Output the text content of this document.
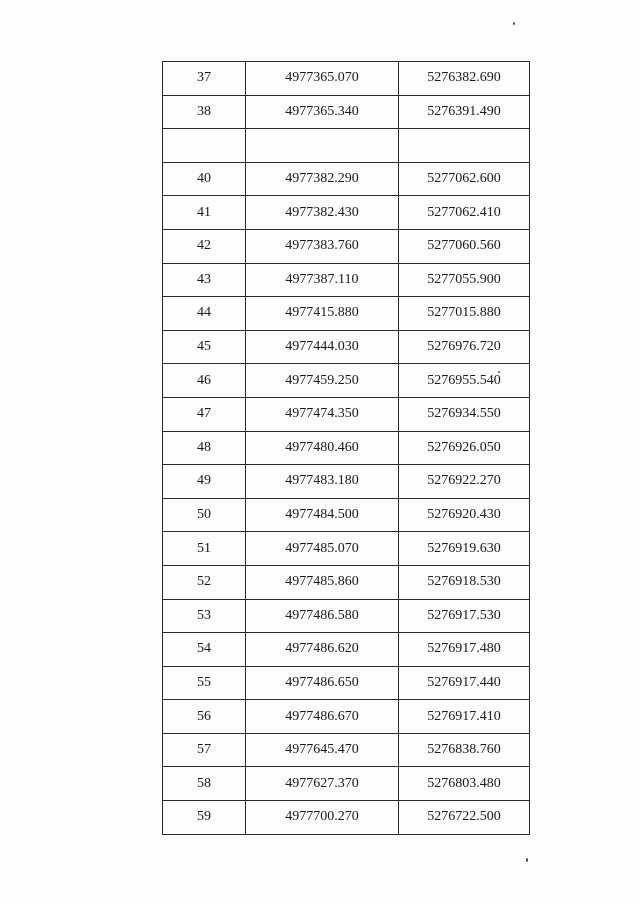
37	4977365.070	5276382.690
38	4977365.340	5276391.490

40	4977382.290	5277062.600
41	4977382.430	5277062.410
42	4977383.760	5277060.560
43	4977387.110	5277055.900
44	4977415.880	5277015.880
45	4977444.030	5276976.720
46	4977459.250	5276955.540
47	4977474.350	5276934.550
48	4977480.460	5276926.050
49	4977483.180	5276922.270
50	4977484.500	5276920.430
51	4977485.070	5276919.630
52	4977485.860	5276918.530
53	4977486.580	5276917.530
54	4977486.620	5276917.480
55	4977486.650	5276917.440
56	4977486.670	5276917.410
57	4977645.470	5276838.760
58	4977627.370	5276803.480
59	4977700.270	5276722.500
